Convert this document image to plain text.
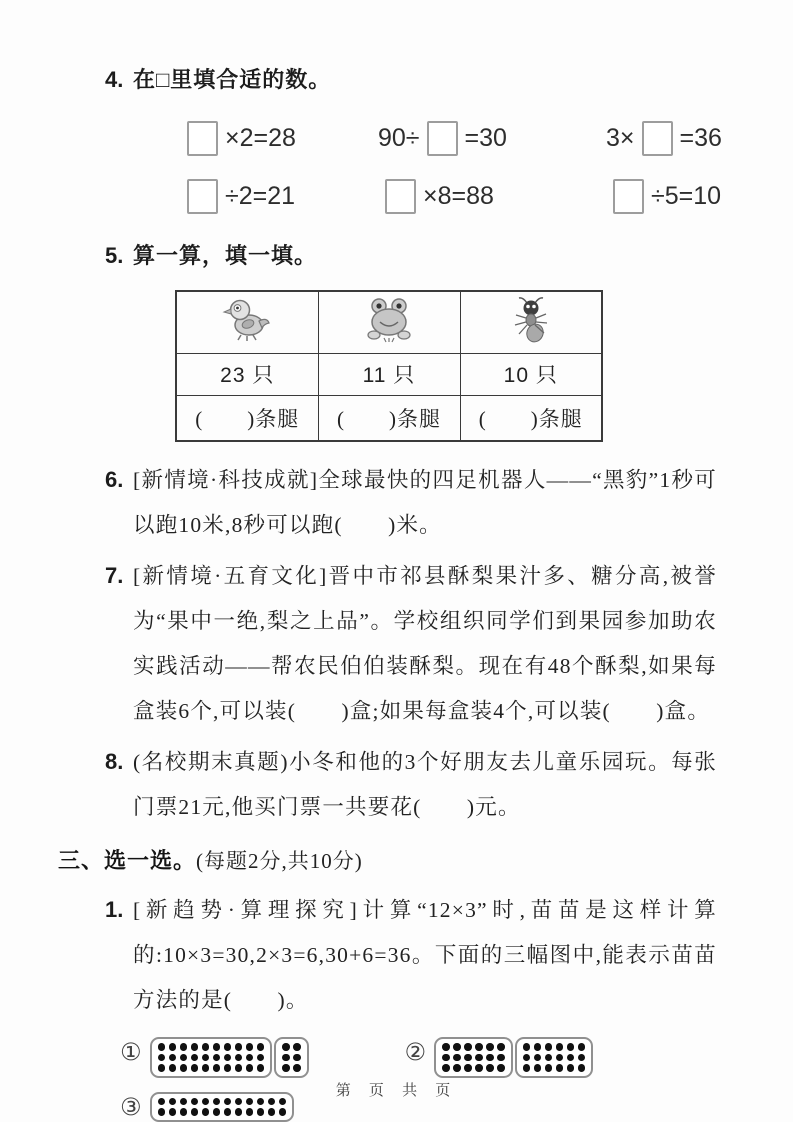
4. 在□里填合适的数。
×2=28	90÷ =30	3× =36
÷2=21	×8=88	÷5=10
5. 算一算，填一填。

23 只	11 只	10 只
(　　)条腿	(　　)条腿	(　　)条腿
6. [新情境·科技成就]全球最快的四足机器人——“黑豹”1秒可以跑10米,8秒可以跑(　　)米。

7. [新情境·五育文化]晋中市祁县酥梨果汁多、糖分高,被誉为“果中一绝,梨之上品”。学校组织同学们到果园参加助农实践活动——帮农民伯伯装酥梨。现在有48个酥梨,如果每盒装6个,可以装(　　)盒;如果每盒装4个,可以装(　　)盒。

8. (名校期末真题)小冬和他的3个好朋友去儿童乐园玩。每张门票21元,他买门票一共要花(　　)元。

三、选一选。(每题2分,共10分)
1. [新趋势·算理探究]计算“12×3”时,苗苗是这样计算的:10×3=30,2×3=6,30+6=36。下面的三幅图中,能表示苗苗方法的是(　　)。

①	②
③
第 页 共 页
